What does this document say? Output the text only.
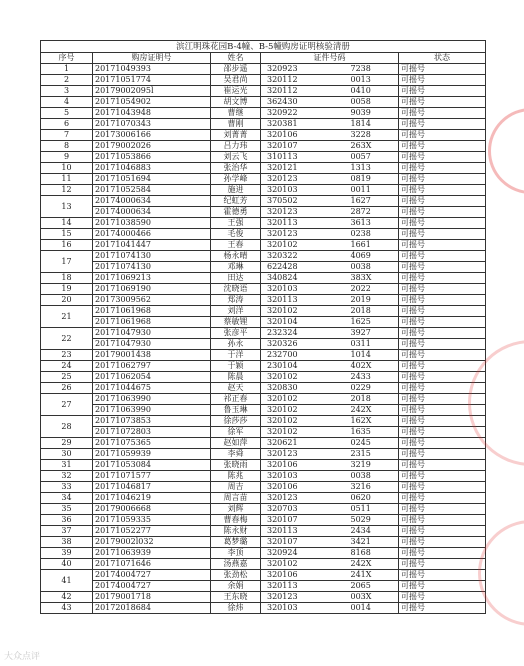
滨江明珠花园B-4幢、B-5幢购房证明核验清册					
序号	购房证明号	姓名	证件号码		状态
1	20171049393	邵步遥	320923	7238	可摇号
2	20171051774	吴君尚	320112	0013	可摇号
3	20179002095l	崔运光	320112	0410	可摇号
4	20171054902	胡文博	362430	0058	可摇号
5	20171043948	曹继	320922	9039	可摇号
6	20171070343	曹刚	320381	1814	可摇号
7	20173006166	刘菁菁	320106	3228	可摇号
8	20179002026	吕力玮	320107	263X	可摇号
9	20171053866	刘云飞	310113	0057	可摇号
10	20171046883	张治华	320121	1313	可摇号
11	20171051694	孙学峰	320123	0819	可摇号
12	20171052584	施进	320103	0011	可摇号
13	20174000634	纪虹芳	370502	1627	可摇号
	20174000634	霍德勇	320123	2872	可摇号
14	20171038590	王强	320113	3613	可摇号
15	20174000466	毛俊	320123	0238	可摇号
16	20171041447	王春	320102	1661	可摇号
17	20171074130	杨永晴	320322	4069	可摇号
	20171074130	邓琳	622428	0038	可摇号
18	20171069213	田达	340824	383X	可摇号
19	20171069190	沈晓语	320103	2022	可摇号
20	20173009562	郑涛	320113	2019	可摇号
21	20171061968	刘洋	320102	2018	可摇号
	20171061968	蔡敏锂	320104	1625	可摇号
22	20171047930	张彦平	232324	3927	可摇号
	20171047930	孙永	320326	0311	可摇号
23	20179001438	于洋	232700	1014	可摇号
24	20171062797	于颖	230104	402X	可摇号
25	20171062054	陈晨	320102	2433	可摇号
26	20171044675	赵天	320830	0229	可摇号
27	20171063990	祁正春	320102	2018	可摇号
	20171063990	鲁玉琳	320102	242X	可摇号
28	20171073853	徐莎莎	320102	162X	可摇号
	20171072803	徐军	320102	1635	可摇号
29	20171075365	赵如萍	320621	0245	可摇号
30	20171059939	李舜	320123	2315	可摇号
31	20171053084	张晓雨	320106	3219	可摇号
32	20171071577	陈兆	320103	0038	可摇号
33	20171046817	周吉	320106	3216	可摇号
34	20171046219	周言苗	320123	0620	可摇号
35	20179006668	刘辉	320703	0511	可摇号
36	20171059335	曹春梅	320107	5029	可摇号
37	20171052277	陈永财	320113	2434	可摇号
38	20179002l032	葛梦璐	320107	3421	可摇号
39	20171063939	李顶	320924	8168	可摇号
40	20171071646	汤燕嘉	320102	242X	可摇号
41	20174004727	张劲松	320106	241X	可摇号
	20174004727	余娟	320113	2065	可摇号
42	20179001718	王东晓	320123	003X	可摇号
43	20172018684	徐炜	320103	0014	可摇号
大众点评
